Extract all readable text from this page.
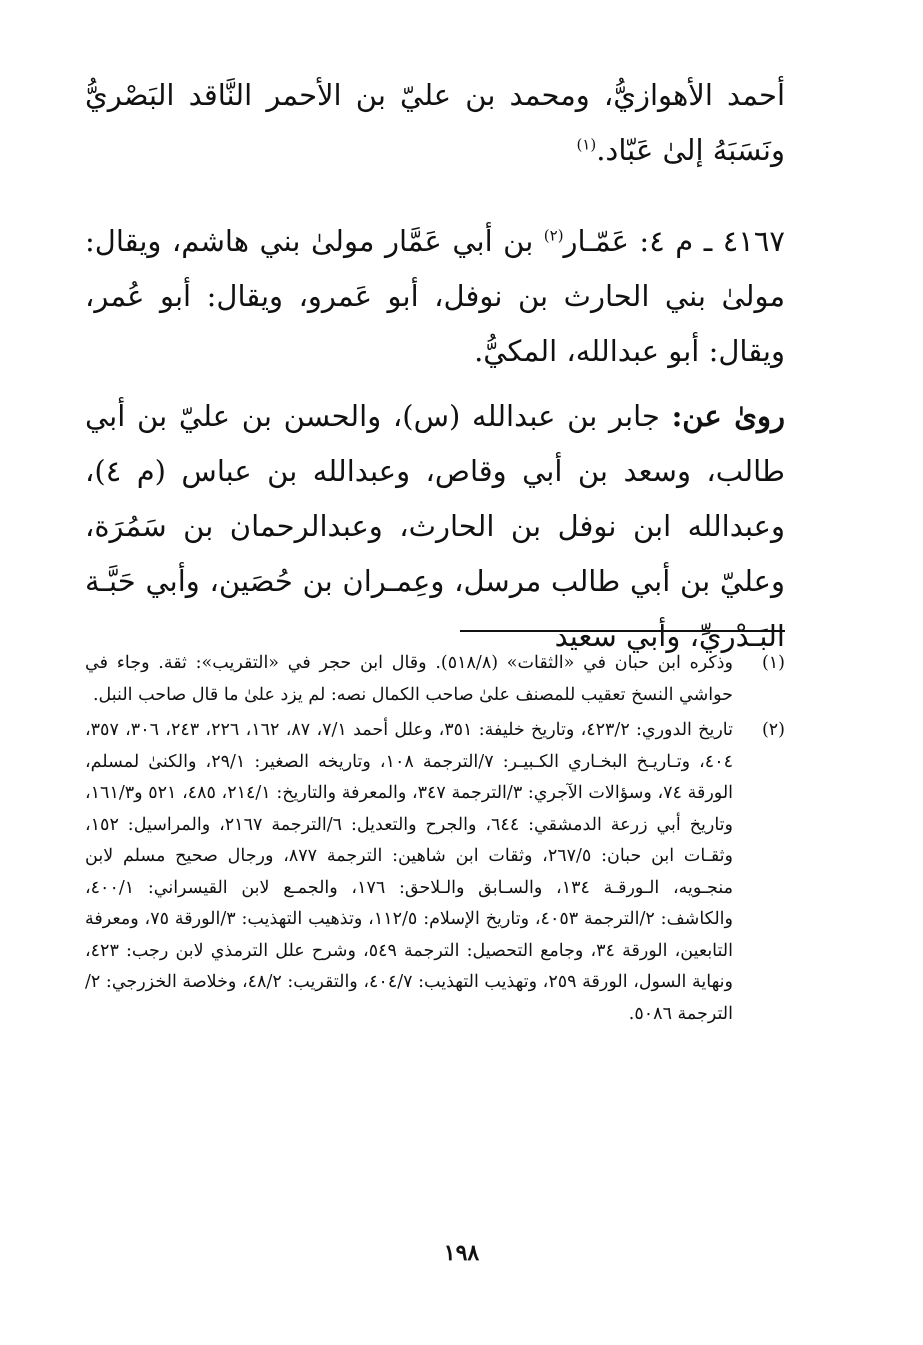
أحمد الأهوازيُّ، ومحمد بن عليّ بن الأحمر النَّاقد البَصْريُّ ونَسَبَهُ إلىٰ عَبّاد.$^{(١)}$

٤١٦٧ ـ م ٤: عَمّـار$^{(٢)}$ بن أبي عَمَّار مولىٰ بني هاشم، ويقال: مولىٰ بني الحارث بن نوفل، أبو عَمرو، ويقال: أبو عُمر، ويقال: أبو عبدالله، المكيُّ.

روىٰ عن: جابر بن عبدالله (س)، والحسن بن عليّ بن أبي طالب، وسعد بن أبي وقاص، وعبدالله بن عباس (م ٤)، وعبدالله ابن نوفل بن الحارث، وعبدالرحمان بن سَمُرَة، وعليّ بن أبي طالب مرسل، وعِمـران بن حُصَين، وأبي حَبَّـة البَـدْريِّ، وأبي سعيد

(١)
وذكره ابن حبان في «الثقات» (٥١٨/٨). وقال ابن حجر في «التقريب»: ثقة. وجاء في حواشي النسخ تعقيب للمصنف علىٰ صاحب الكمال نصه: لم يزد علىٰ ما قال صاحب النبل.

(٢)
تاريخ الدوري: ٤٢٣/٢، وتاريخ خليفة: ٣٥١، وعلل أحمد ٧/١، ٨٧، ١٦٢، ٢٢٦، ٢٤٣، ٣٠٦، ٣٥٧، ٤٠٤، وتـاريـخ البخـاري الكـبيـر: ٧/الترجمة ١٠٨، وتاريخه الصغير: ٢٩/١، والكنىٰ لمسلم، الورقة ٧٤، وسؤالات الآجري: ٣/الترجمة ٣٤٧، والمعرفة والتاريخ: ٢١٤/١، ٤٨٥، ٥٢١ و١٦١/٣، وتاريخ أبي زرعة الدمشقي: ٦٤٤، والجرح والتعديل: ٦/الترجمة ٢١٦٧، والمراسيل: ١٥٢، وثقـات ابن حبان: ٢٦٧/٥، وثقات ابن شاهين: الترجمة ٨٧٧، ورجال صحيح مسلم لابن منجـويه، الـورقـة ١٣٤، والسـابق والـلاحق: ١٧٦، والجمـع لابن القيسراني: ٤٠٠/١، والكاشف: ٢/الترجمة ٤٠٥٣، وتاريخ الإسلام: ١١٢/٥، وتذهيب التهذيب: ٣/الورقة ٧٥، ومعرفة التابعين، الورقة ٣٤، وجامع التحصيل: الترجمة ٥٤٩، وشرح علل الترمذي لابن رجب: ٤٢٣، ونهاية السول، الورقة ٢٥٩، وتهذيب التهذيب: ٤٠٤/٧، والتقريب: ٤٨/٢، وخلاصة الخزرجي: ٢/الترجمة ٥٠٨٦.

١٩٨
